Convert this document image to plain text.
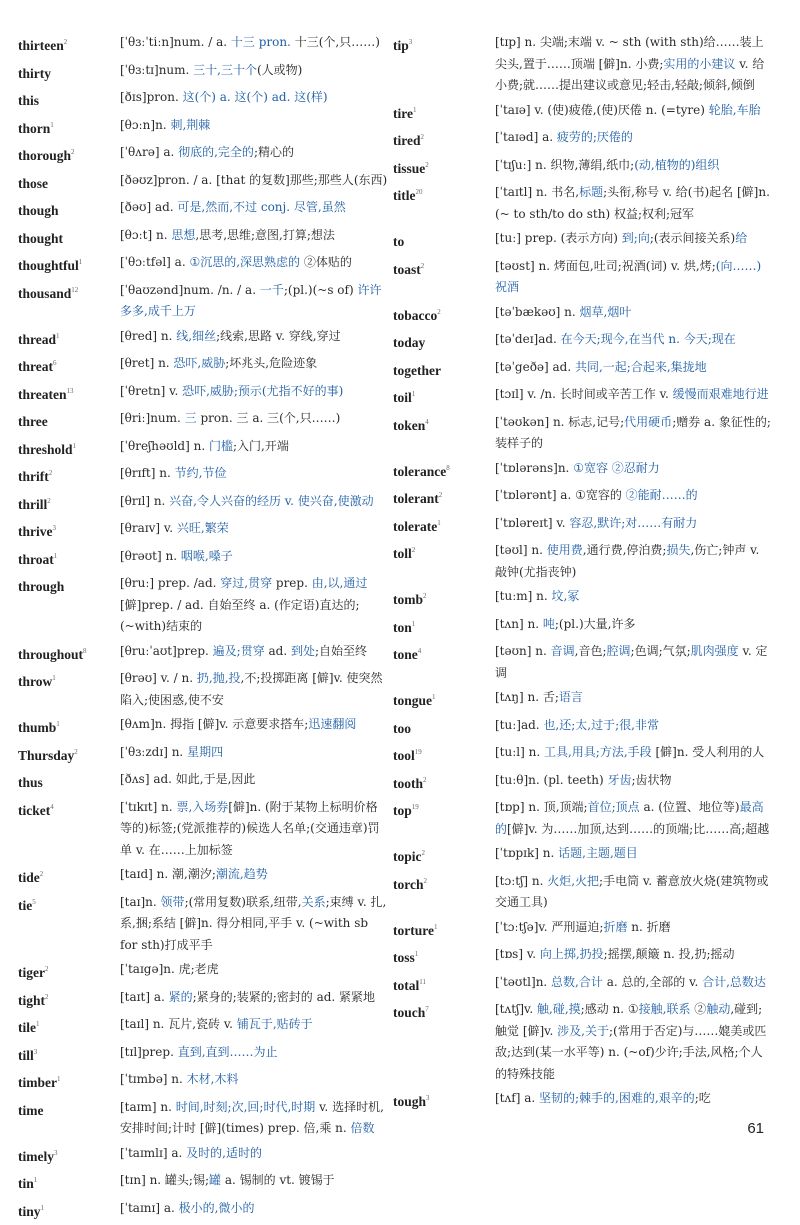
thirteen$^2$	[ˈθɜːˈtiːn]num. / a. 十三 pron. 十三(个,只……)
thirty	[ˈθɜːtɪ]num. 三十,三十个(人或物)
this	[ðɪs]pron. 这(个) a. 这(个) ad. 这(样)
thorn$^1$	[θɔːn]n. 刺,荆棘
thorough$^2$	[ˈθʌrə] a. 彻底的,完全的;精心的
those	[ðəʊz]pron. / a. [that 的复数]那些;那些人(东西)
though	[ðəʊ] ad. 可是,然而,不过 conj. 尽管,虽然
thought	[θɔːt] n. 思想,思考,思维;意图,打算;想法
thoughtful$^1$	[ˈθɔːtfəl] a. ①沉思的,深思熟虑的 ②体贴的
thousand$^{12}$	[ˈθaʊzənd]num. /n. / a. 一千;(pl.)(~s of) 许许多多,成千上万
thread$^1$	[θred] n. 线,细丝;线索,思路 v. 穿线,穿过
threat$^6$	[θret] n. 恐吓,威胁;坏兆头,危险迹象
threaten$^{13}$	[ˈθretn] v. 恐吓,威胁;预示(尤指不好的事)
three	[θriː]num. 三 pron. 三 a. 三(个,只……)
threshold$^1$	[ˈθreʃhəʊld] n. 门槛;入门,开端
thrift$^2$	[θrɪft] n. 节约,节俭
thrill$^2$	[θrɪl] n. 兴奋,令人兴奋的经历 v. 使兴奋,使激动
thrive$^3$	[θraɪv] v. 兴旺,繁荣
throat$^1$	[θrəʊt] n. 咽喉,嗓子
through	[θruː] prep. /ad. 穿过,贯穿 prep. 由,以,通过[僻]prep. / ad. 自始至终 a. (作定语)直达的;(~with)结束的
throughout$^8$	[θruːˈaʊt]prep. 遍及;贯穿 ad. 到处;自始至终
throw$^1$	[θrəʊ] v. / n. 扔,抛,投,不;投掷距离 [僻]v. 使突然陷入;使困惑,使不安
thumb$^1$	[θʌm]n. 拇指 [僻]v. 示意要求搭车;迅速翻阅
Thursday$^2$	[ˈθɜːzdɪ] n. 星期四
thus	[ðʌs] ad. 如此,于是,因此
ticket$^4$	[ˈtɪkɪt] n. 票,入场券[僻]n. (附于某物上标明价格等的)标签;(党派推荐的)候选人名单;(交通违章)罚单 v. 在……上加标签
tide$^2$	[taɪd] n. 潮,潮汐;潮流,趋势
tie$^5$	[taɪ]n. 领带;(常用复数)联系,纽带,关系;束缚 v. 扎,系,捆;系结 [僻]n. 得分相同,平手 v. (~with sb for sth)打成平手
tiger$^2$	[ˈtaɪgə]n. 虎;老虎
tight$^2$	[taɪt] a. 紧的;紧身的;装紧的;密封的 ad. 紧紧地
tile$^1$	[taɪl] n. 瓦片,瓷砖 v. 铺瓦于,贴砖于
till$^3$	[tɪl]prep. 直到,直到……为止
timber$^1$	[ˈtɪmbə] n. 木材,木料
time	[taɪm] n. 时间,时刻;次,回;时代,时期 v. 选择时机,安排时间;计时 [僻](times) prep. 倍,乘 n. 倍数
timely$^3$	[ˈtaɪmlɪ] a. 及时的,适时的
tin$^1$	[tɪn] n. 罐头;锡;罐 a. 锡制的 vt. 镀锡于
tiny$^1$	[ˈtaɪnɪ] a. 极小的,微小的
tip$^3$	[tɪp] n. 尖端;末端 v. ~ sth (with sth)给……装上尖头,置于……顶端 [僻]n. 小费;实用的小建议 v. 给小费;就……提出建议或意见;轻击,轻敲;倾斜,倾倒
tire$^1$	[ˈtaɪə] v. (使)疲倦,(使)厌倦 n. (=tyre) 轮胎,车胎
tired$^2$	[ˈtaɪəd] a. 疲劳的;厌倦的
tissue$^2$	[ˈtɪʃuː] n. 织物,薄绢,纸巾;(动,植物的)组织
title$^{20}$	[ˈtaɪtl] n. 书名,标题;头衔,称号 v. 给(书)起名 [僻]n. (~ to sth/to do sth) 权益;权利;冠军
to	[tuː] prep. (表示方向) 到;向;(表示间接关系)给
toast$^2$	[təʊst] n. 烤面包,吐司;祝酒(词) v. 烘,烤;(向……)祝酒
tobacco$^2$	[təˈbækəʊ] n. 烟草,烟叶
today	[təˈdeɪ]ad. 在今天;现今,在当代 n. 今天;现在
together	[təˈgeðə] ad. 共同,一起;合起来,集拢地
toil$^1$	[tɔɪl] v. /n. 长时间或辛苦工作 v. 缓慢而艰难地行进
token$^4$	[ˈtəʊkən] n. 标志,记号;代用硬币;赠券 a. 象征性的;装样子的
tolerance$^8$	[ˈtɒlərəns]n. ①宽容 ②忍耐力
tolerant$^2$	[ˈtɒlərənt] a. ①宽容的 ②能耐……的
tolerate$^1$	[ˈtɒləreɪt] v. 容忍,默许;对……有耐力
toll$^2$	[təʊl] n. 使用费,通行费,停泊费;损失,伤亡;钟声 v. 敲钟(尤指丧钟)
tomb$^2$	[tuːm] n. 坟,冢
ton$^1$	[tʌn] n. 吨;(pl.)大量,许多
tone$^4$	[təʊn] n. 音调,音色;腔调;色调;气氛;肌肉强度 v. 定调
tongue$^1$	[tʌŋ] n. 舌;语言
too	[tuː]ad. 也,还;太,过于;很,非常
tool$^{19}$	[tuːl] n. 工具,用具;方法,手段 [僻]n. 受人利用的人
tooth$^2$	[tuːθ]n. (pl. teeth) 牙齿;齿状物
top$^{19}$	[tɒp] n. 顶,顶端;首位;顶点 a. (位置、地位等)最高的[僻]v. 为……加顶,达到……的顶端;比……高;超越
topic$^2$	[ˈtɒpɪk] n. 话题,主题,题目
torch$^2$	[tɔːtʃ] n. 火炬,火把;手电筒 v. 蓄意放火烧(建筑物或交通工具)
torture$^1$	[ˈtɔːtʃə]v. 严刑逼迫;折磨 n. 折磨
toss$^1$	[tɒs] v. 向上掷,扔投;摇摆,颠簸 n. 投,扔;摇动
total$^{11}$	[ˈtəʊtl]n. 总数,合计 a. 总的,全部的 v. 合计,总数达
touch$^7$	[tʌtʃ]v. 触,碰,摸;感动 n. ①接触,联系 ②触动,碰到;触觉 [僻]v. 涉及,关于;(常用于否定)与……媲美或匹敌;达到(某一水平等) n. (~of)少许;手法,风格;个人的特殊技能
tough$^3$	[tʌf] a. 坚韧的;棘手的,困难的,艰辛的;吃
61
